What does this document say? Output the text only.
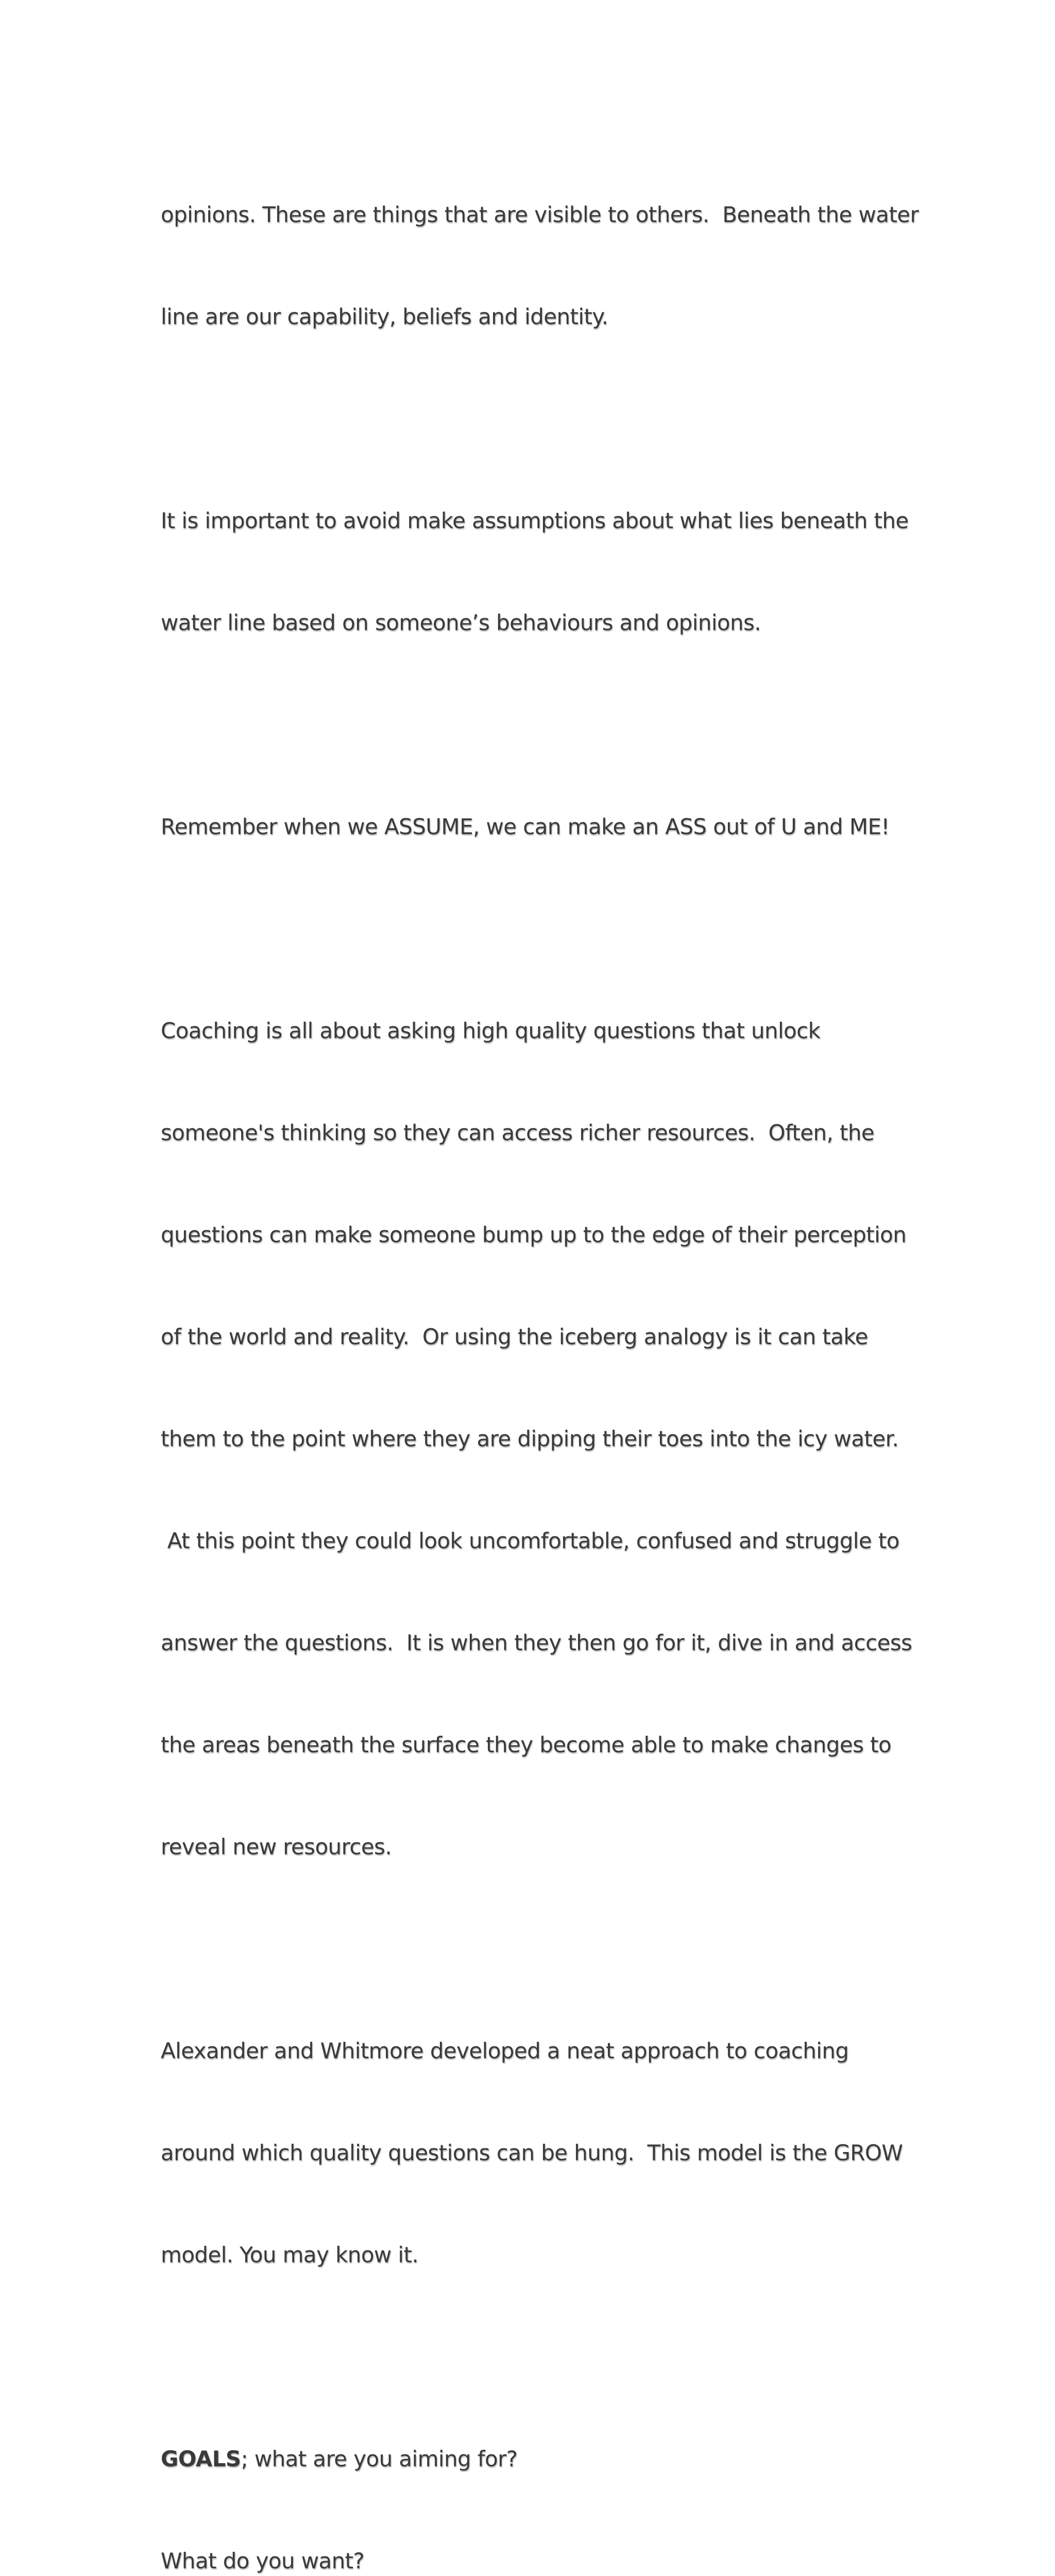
opinions. These are things that are visible to others.  Beneath the water

line are our capability, beliefs and identity.

It is important to avoid make assumptions about what lies beneath the

water line based on someone’s behaviours and opinions.

Remember when we ASSUME, we can make an ASS out of U and ME!

Coaching is all about asking high quality questions that unlock

someone's thinking so they can access richer resources.  Often, the

questions can make someone bump up to the edge of their perception

of the world and reality.  Or using the iceberg analogy is it can take

them to the point where they are dipping their toes into the icy water.

At this point they could look uncomfortable, confused and struggle to

answer the questions.  It is when they then go for it, dive in and access

the areas beneath the surface they become able to make changes to

reveal new resources.

Alexander and Whitmore developed a neat approach to coaching

around which quality questions can be hung.  This model is the GROW

model. You may know it.

GOALS; what are you aiming for?

What do you want?
